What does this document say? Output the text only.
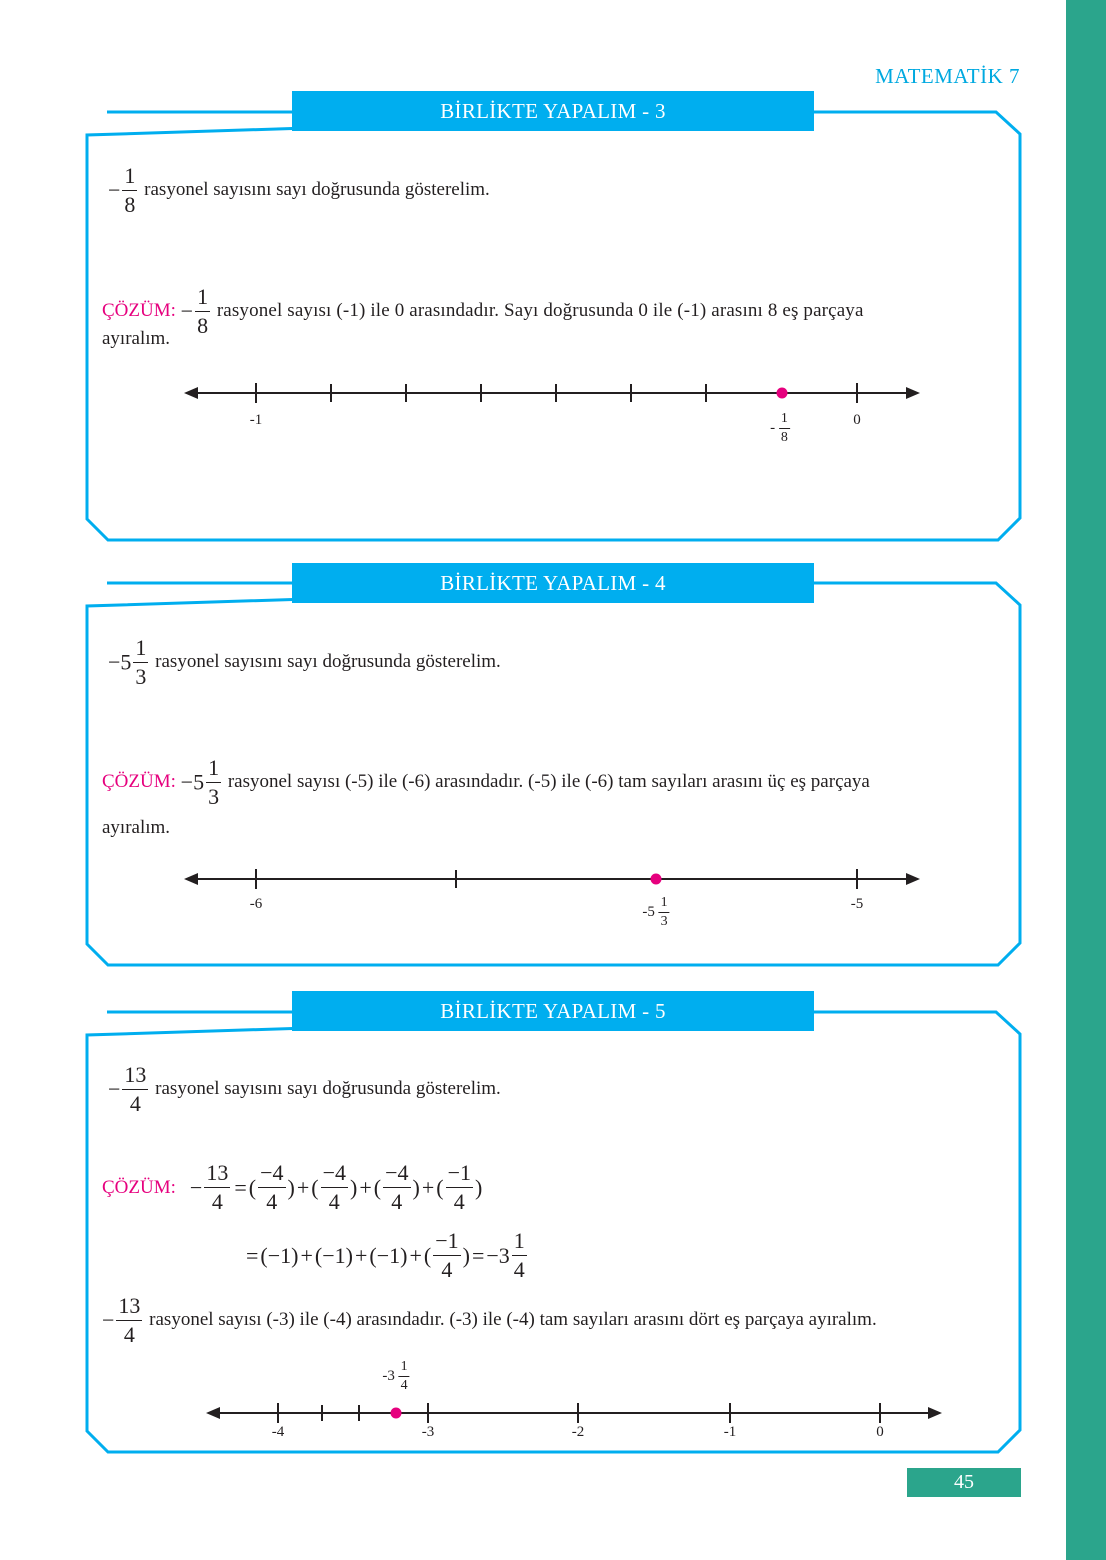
MATEMATİK 7
BİRLİKTE YAPALIM - 3
− $\frac{1}{8}$ rasyonel sayısını sayı doğrusunda gösterelim.
ÇÖZÜM: − $\frac{1}{8}$ rasyonel sayısı (-1) ile 0 arasındadır. Sayı doğrusunda 0 ile (-1) arasını 8 eş parçaya
ayıralım.
-1	0
- $\frac{1}{8}$
BİRLİKTE YAPALIM - 4
$-5 \frac{1}{3}$ rasyonel sayısını sayı doğrusunda gösterelim.
ÇÖZÜM: $-5 \frac{1}{3}$ rasyonel sayısı (-5) ile (-6) arasındadır. (-5) ile (-6) tam sayıları arasını üç eş parçaya
ayıralım.
-6	-5
$-5 \frac{1}{3}$
BİRLİKTE YAPALIM - 5
− $\frac{13}{4}$ rasyonel sayısını sayı doğrusunda gösterelim.
ÇÖZÜM: − $\frac{13}{4}$ = ( $\frac{-4}{4}$ ) + ( $\frac{-4}{4}$ ) + ( $\frac{-4}{4}$ ) + ( $\frac{-1}{4}$ )
= (−1) + (−1) + (−1) + ( $\frac{-1}{4}$ ) = $-3 \frac{1}{4}$
− $\frac{13}{4}$ rasyonel sayısı (-3) ile (-4) arasındadır. (-3) ile (-4) tam sayıları arasını dört eş parçaya ayıralım.
$-3 \frac{1}{4}$
-4	-3	-2	-1	0
45
